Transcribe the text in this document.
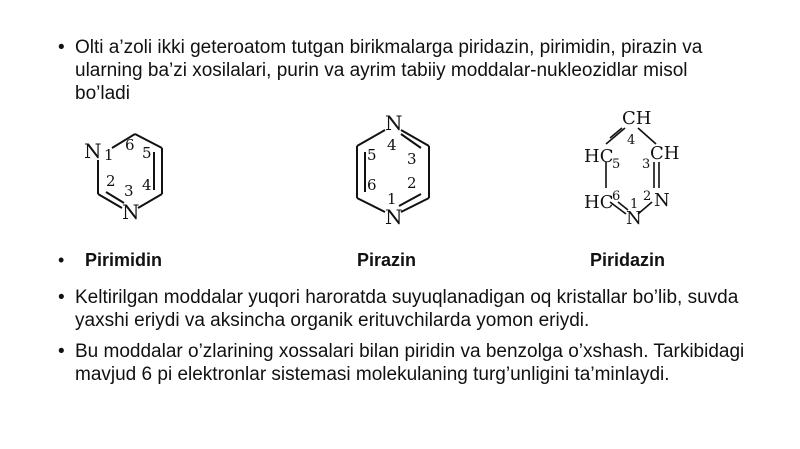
• Olti a’zoli ikki geteroatom tutgan birikmalarga piridazin, pirimidin, pirazin va ularning ba’zi xosilalari, purin va ayrim tabiiy moddalar-nukleozidlar misol bo’ladi
N
N
1
6 5
2
3 4
N
N
4
5 3
6 2
1
CH
HC CH
HC N
N
4
5 3
6 2
1
• Pirimidin	Pirazin	Piridazin
• Keltirilgan moddalar yuqori haroratda suyuqlanadigan oq kristallar bo’lib, suvda yaxshi eriydi va aksincha organik erituvchilarda yomon eriydi.
• Bu moddalar o’zlarining xossalari bilan piridin va benzolga o’xshash. Tarkibidagi mavjud 6 pi elektronlar sistemasi molekulaning turg’unligini ta’minlaydi.
